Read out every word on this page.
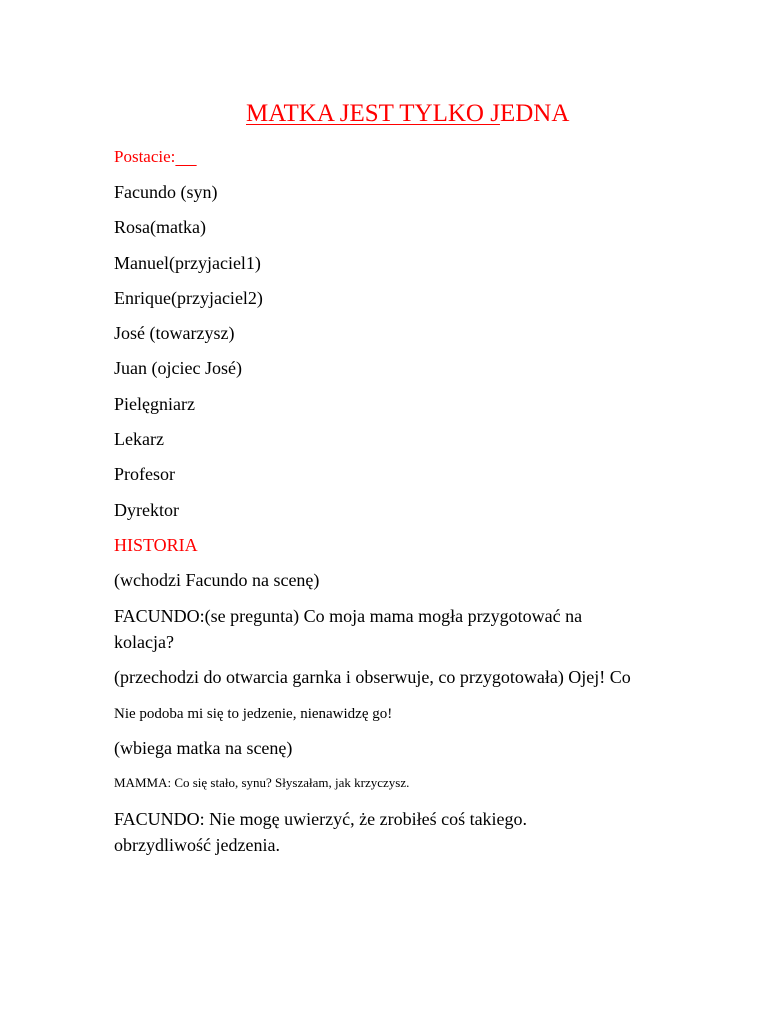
MATKA JEST TYLKO JEDNA
Postacie:

Facundo (syn)

Rosa(matka)

Manuel(przyjaciel1)

Enrique(przyjaciel2)

José (towarzysz)

Juan (ojciec José)

Pielęgniarz

Lekarz

Profesor

Dyrektor

HISTORIA

(wchodzi Facundo na scenę)

FACUNDO:(se pregunta) Co moja mama mogła przygotować na

kolacja?

(przechodzi do otwarcia garnka i obserwuje, co przygotowała) Ojej! Co

Nie podoba mi się to jedzenie, nienawidzę go!

(wbiega matka na scenę)

MAMMA: Co się stało, synu? Słyszałam, jak krzyczysz.

FACUNDO: Nie mogę uwierzyć, że zrobiłeś coś takiego.

obrzydliwość jedzenia.
